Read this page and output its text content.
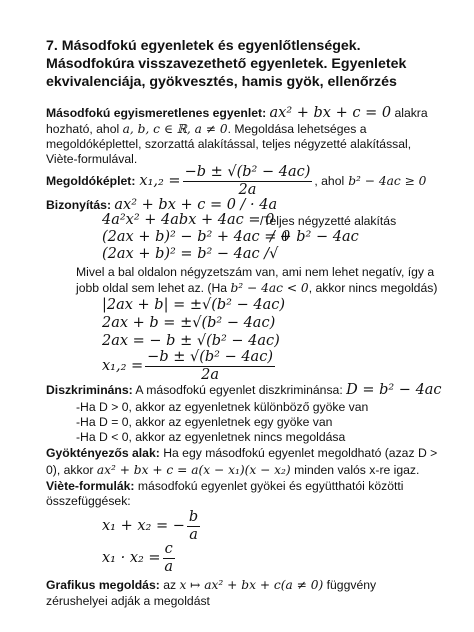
7. Másodfokú egyenletek és egyenlőtlenségek.
Másodfokúra visszavezethető egyenletek. Egyenletek
ekvivalenciája, gyökvesztés, hamis gyök, ellenőrzés
Másodfokú egyismeretlenes egyenlet: ax² + bx + c = 0 alakra
hozható, ahol a, b, c ∈ ℝ, a ≠ 0. Megoldása lehetséges a
megoldóképlettel, szorzattá alakítással, teljes négyzetté alakítással,
Viète-formulával.
Megoldóképlet: $x_1,_2 = \frac{\text{−b ± √(b² − 4ac)}}{2a}$ , ahol b² − 4ac ≥ 0
Bizonyítás: ax² + bx + c = 0 / · 4a
4a²x² + 4abx + 4ac = 0
/Teljes négyzetté alakítás
(2ax + b)² − b² + 4ac = 0
/ + b² − 4ac
(2ax + b)² = b² − 4ac /√
Mivel a bal oldalon négyzetszám van, ami nem lehet negatív, így a
jobb oldal sem lehet az. (Ha b² − 4ac < 0, akkor nincs megoldás)
|2ax + b| = ±√(b² − 4ac)
2ax + b = ±√(b² − 4ac)
2ax = − b ± √(b² − 4ac)
$x_1,_2 = \frac{\text{−b ± √(b² − 4ac)}}{2a}$
Diszkrimináns: A másodfokú egyenlet diszkriminánsa: D = b² − 4ac
-Ha D > 0, akkor az egyenletnek különböző gyöke van
-Ha D = 0, akkor az egyenletnek egy gyöke van
-Ha D < 0, akkor az egyenletnek nincs megoldása
Gyöktényezős alak: Ha egy másodfokú egyenlet megoldható (azaz D >
0), akkor ax² + bx + c = a(x − x₁)(x − x₂) minden valós x-re igaz.
Viète-formulák: másodfokú egyenlet gyökei és együtthatói közötti
összefüggések:
x₁ + x₂ = − $\frac{b}{a}$
$x_1 \cdot x_2 = \frac{c}{a}$
Grafikus megoldás: az x ↦ ax² + bx + c(a ≠ 0) függvény
zérushelyei adják a megoldást
